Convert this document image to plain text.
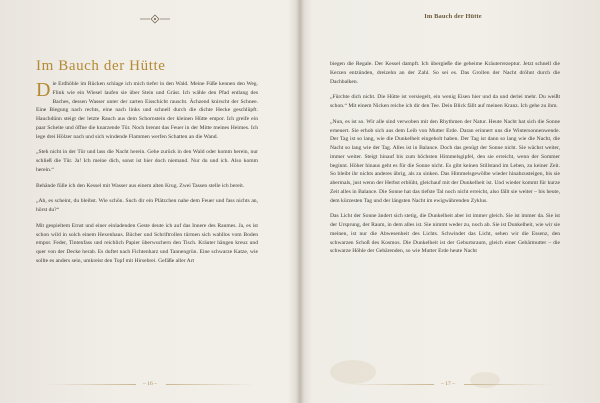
Im Bauch der Hütte

Die Erdhöhle im Rücken schlage ich mich tiefer in den Wald. Meine Füße kennen den Weg. Flink wie ein Wiesel laufen sie über Stein und Gräst. Ich wähle den Pfad entlang des Baches, dessen Wasser unter der zarten Eisschicht rauscht. Ächzend knirscht der Schnee. Eine Biegung nach rechts, eine nach links und schnell durch die dichte Hecke geschlüpft. Hauchdünn steigt der letzte Rauch aus dem Schornstein der kleinen Hütte empor. Ich greife ein paar Scheite und öffne die knarzende Tür. Noch brennt das Feuer in der Mitte meines Heimes. Ich lege drei Hölzer nach und sich windende Flammen werfen Schatten an die Wand.

„Steh nicht in der Tür und lass die Nacht herein. Gehe zurück in den Wald oder komm herein, nur schließ die Tür. Ja! Ich meine dich, sonst ist hier doch niemand. Nur du und ich. Also komm herein.“

Behände fülle ich den Kessel mit Wasser aus einem alten Krug. Zwei Tassen stelle ich bereit.

„Ah, es scheint, du bleibst. Wie schön. Such dir ein Plätzchen nahe dem Feuer und fass nichts an, hörst du?“

Mit gespieltem Ernst und einer einladenden Geste deute ich auf das Innere des Raumes. Ja, es ist schon wild in solch einem Hexenhaus. Bücher und Schriftrollen türmen sich wahllos vom Boden empor. Feder, Tintenfass und reichlich Papier überwuchern den Tisch. Kräuter hängen kreuz und quer von der Decke herab. Es duftet nach Fichtenharz und Tannengrün. Eine schwarze Katze, wie sollte es anders sein, umkreist den Topf mit Hirsebrei. Gefäße aller Art

– 16 –
Im Bauch der Hütte

biegen die Regale. Der Kessel dampft. Ich übergieße die geheime Kräuterrezeptur. Jetzt schnell die Kerzen entzünden, dreizehn an der Zahl. So sei es. Das Grollen der Nacht dröhnt durch die Dachbalken.

„Fürchte dich nicht. Die Hütte ist versiegelt, ein wenig Eisen hier und da und derlei mehr. Du weißt schon.“ Mit einem Nicken reiche ich dir den Tee. Dein Blick fällt auf meinen Kranz. Ich gehe zu ihm.

„Nun, es ist so. Wir alle sind verwoben mit den Rhythmen der Natur. Heute Nacht hat sich die Sonne erneuert. Sie erhob sich aus dem Leib von Mutter Erde. Daran erinnert uns die Wintersonnenwende. Der Tag ist so lang, wie die Dunkelheit eingeholt haben. Der Tag ist dann so lang wie die Nacht, die Nacht so lang wie der Tag. Alles ist in Balance. Doch das genügt der Sonne nicht. Sie wächst weiter, immer weiter. Steigt hinauf bis zum höchsten Himmelsgipfel, den sie erreicht, wenn der Sommer beginnt. Höher hinaus geht es für die Sonne nicht. Es gibt keinen Stillstand im Leben, zu keiner Zeit. So bleibt ihr nichts anderes übrig, als zu sinken. Das Himmelsgewölbe wieder hinabzusteigen, bis sie abermals, just wenn der Herbst erblüht, gleichauf mit der Dunkelheit ist. Und wieder kommt für kurze Zeit alles in Balance. Die Sonne hat das tiefste Tal noch nicht erreicht, also fällt sie weiter – bis heute, dem kürzesten Tag und der längsten Nacht im ewigwährenden Zyklus.

Das Licht der Sonne ändert sich stetig, die Dunkelheit aber ist immer gleich. Sie ist immer da. Sie ist der Ursprung, der Raum, in dem alles ist. Sie nimmt weder zu, noch ab. Sie ist Dunkelheit, wie wir sie meinen, ist nur die Abwesenheit des Lichts. Schwindet das Licht, sehen wir die Essenz, den schwarzen Schoß des Kosmos. Die Dunkelheit ist der Geburtsraum, gleich einer Gebärmutter – die schwarze Höhle der Gebärenden, so wie Mutter Erde heute Nacht

– 17 –
